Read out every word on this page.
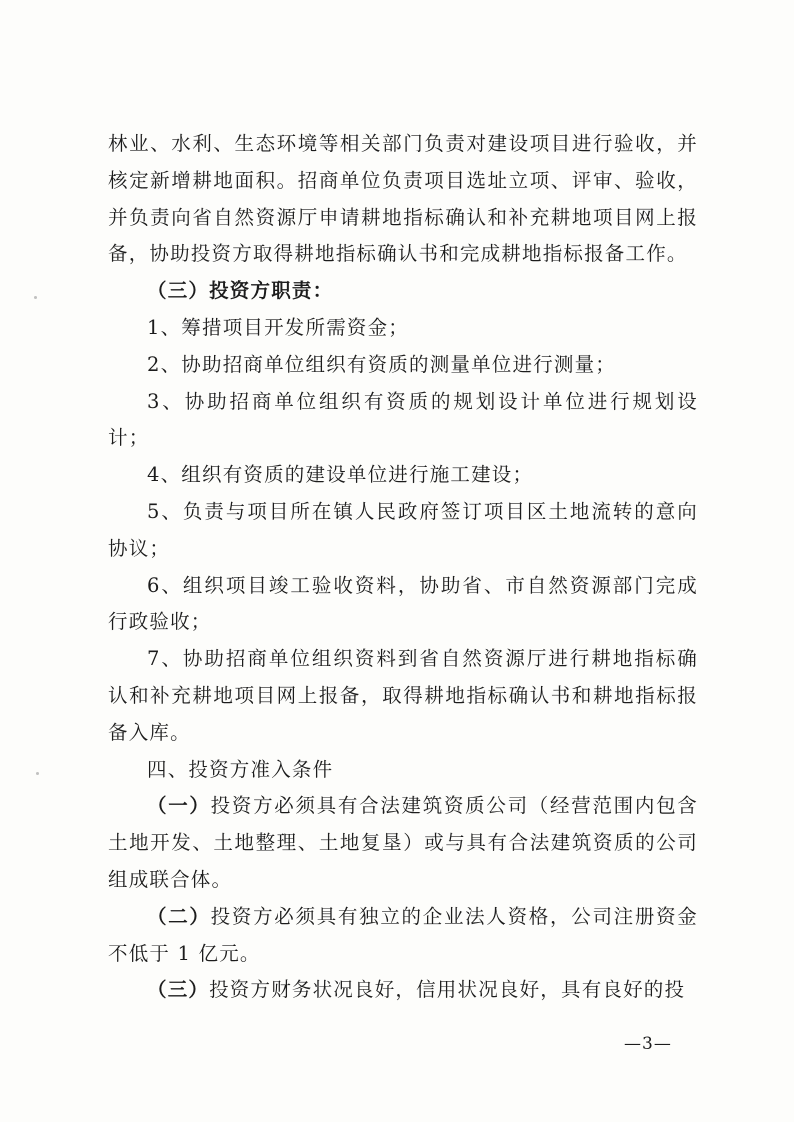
林业、水利、生态环境等相关部门负责对建设项目进行验收，并核定新增耕地面积。招商单位负责项目选址立项、评审、验收，并负责向省自然资源厅申请耕地指标确认和补充耕地项目网上报备，协助投资方取得耕地指标确认书和完成耕地指标报备工作。

（三）投资方职责：

1、筹措项目开发所需资金；

2、协助招商单位组织有资质的测量单位进行测量；

3、协助招商单位组织有资质的规划设计单位进行规划设计；

4、组织有资质的建设单位进行施工建设；

5、负责与项目所在镇人民政府签订项目区土地流转的意向协议；

6、组织项目竣工验收资料，协助省、市自然资源部门完成行政验收；

7、协助招商单位组织资料到省自然资源厅进行耕地指标确认和补充耕地项目网上报备，取得耕地指标确认书和耕地指标报备入库。

四、投资方准入条件

（一）投资方必须具有合法建筑资质公司（经营范围内包含土地开发、土地整理、土地复垦）或与具有合法建筑资质的公司组成联合体。

（二）投资方必须具有独立的企业法人资格，公司注册资金不低于 1 亿元。

（三）投资方财务状况良好，信用状况良好，具有良好的投

—3—
